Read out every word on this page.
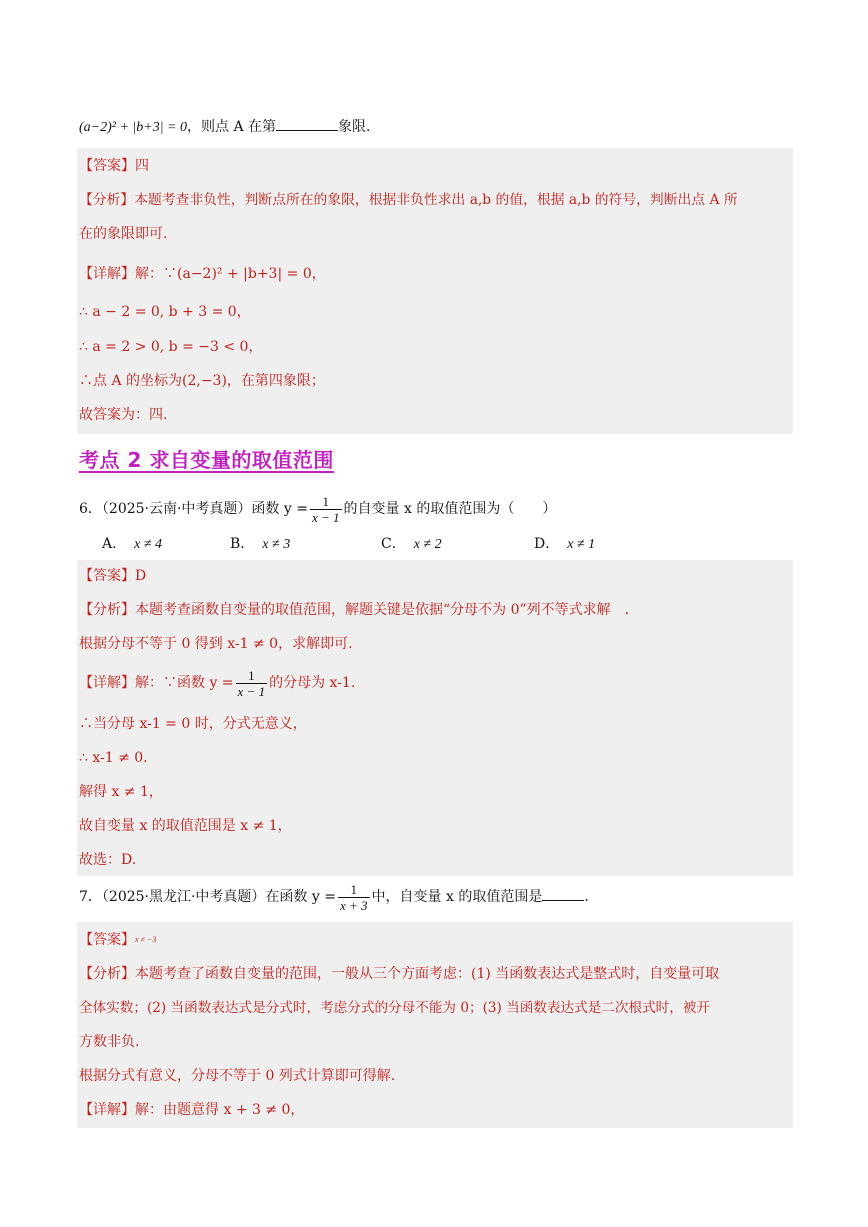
(a−2)² + |b+3| = 0，则点 A 在第	象限.
【答案】四
【分析】本题考查非负性，判断点所在的象限，根据非负性求出 a,b 的值，根据 a,b 的符号，判断出点 A 所
在的象限即可.
【详解】解：∵(a−2)² + |b+3| = 0，
∴ a − 2 = 0, b + 3 = 0，
∴ a = 2 > 0, b = −3 < 0，
∴点 A 的坐标为(2,−3)，在第四象限；
故答案为：四.
考点 2 求自变量的取值范围
6．（2025·云南·中考真题）函数 $y = \frac{1}{x - 1}$ 的自变量 x 的取值范围为（　　）
A． x ≠ 4	B． x ≠ 3	C． x ≠ 2	D． x ≠ 1
【答案】D
【分析】本题考查函数自变量的取值范围，解题关键是依据“分母不为 0”列不等式求解　.
根据分母不等于 0 得到 x-1 ≠ 0，求解即可.
【详解】解：∵函数 $y = \frac{1}{x - 1}$ 的分母为 x-1.
∴当分母 x-1 = 0 时，分式无意义，
∴ x-1 ≠ 0.
解得 x ≠ 1，
故自变量 x 的取值范围是 x ≠ 1，
故选：D.
7．（2025·黑龙江·中考真题）在函数 $y = \frac{1}{x + 3}$ 中，自变量 x 的取值范围是	.
【答案】x ≠ −3
【分析】本题考查了函数自变量的范围，一般从三个方面考虑：(1) 当函数表达式是整式时，自变量可取
全体实数；(2) 当函数表达式是分式时，考虑分式的分母不能为 0；(3) 当函数表达式是二次根式时，被开
方数非负.
根据分式有意义，分母不等于 0 列式计算即可得解.
【详解】解：由题意得 x + 3 ≠ 0，
